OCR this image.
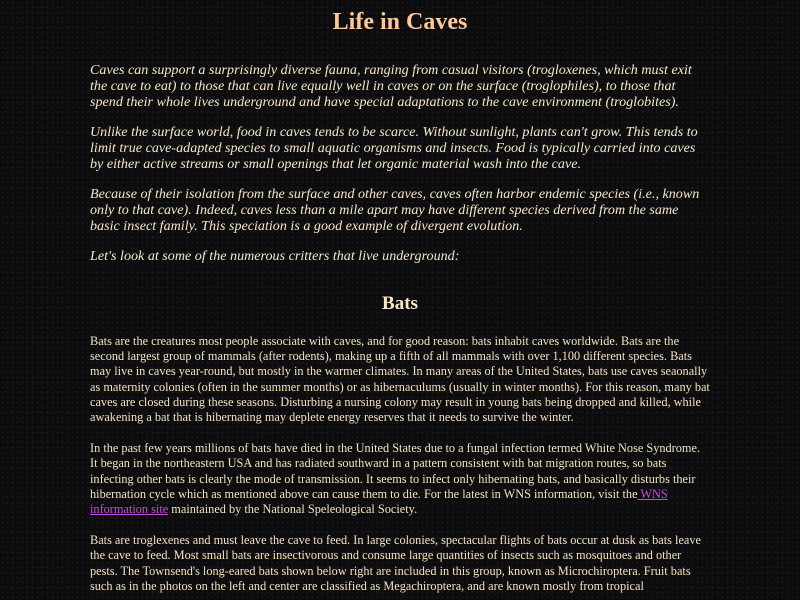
Life in Caves

Caves can support a surprisingly diverse fauna, ranging from casual visitors (trogloxenes, which must exit the cave to eat) to those that can live equally well in caves or on the surface (troglophiles), to those that spend their whole lives underground and have special adaptations to the cave environment (troglobites).

Unlike the surface world, food in caves tends to be scarce. Without sunlight, plants can't grow. This tends to limit true cave-adapted species to small aquatic organisms and insects. Food is typically carried into caves by either active streams or small openings that let organic material wash into the cave.

Because of their isolation from the surface and other caves, caves often harbor endemic species (i.e., known only to that cave). Indeed, caves less than a mile apart may have different species derived from the same basic insect family. This speciation is a good example of divergent evolution.

Let's look at some of the numerous critters that live underground:

Bats

Bats are the creatures most people associate with caves, and for good reason: bats inhabit caves worldwide. Bats are the second largest group of mammals (after rodents), making up a fifth of all mammals with over 1,100 different species. Bats may live in caves year-round, but mostly in the warmer climates. In many areas of the United States, bats use caves seaonally as maternity colonies (often in the summer months) or as hibernaculums (usually in winter months). For this reason, many bat caves are closed during these seasons. Disturbing a nursing colony may result in young bats being dropped and killed, while awakening a bat that is hibernating may deplete energy reserves that it needs to survive the winter.

In the past few years millions of bats have died in the United States due to a fungal infection termed White Nose Syndrome. It began in the northeastern USA and has radiated southward in a pattern consistent with bat migration routes, so bats infecting other bats is clearly the mode of transmission. It seems to infect only hibernating bats, and basically disturbs their hibernation cycle which as mentioned above can cause them to die. For the latest in WNS information, visit the WNS information site maintained by the National Speleological Society.

Bats are troglexenes and must leave the cave to feed. In large colonies, spectacular flights of bats occur at dusk as bats leave the cave to feed. Most small bats are insectivorous and consume large quantities of insects such as mosquitoes and other pests. The Townsend's long-eared bats shown below right are included in this group, known as Microchiroptera. Fruit bats such as in the photos on the left and center are classified as Megachiroptera, and are known mostly from tropical
